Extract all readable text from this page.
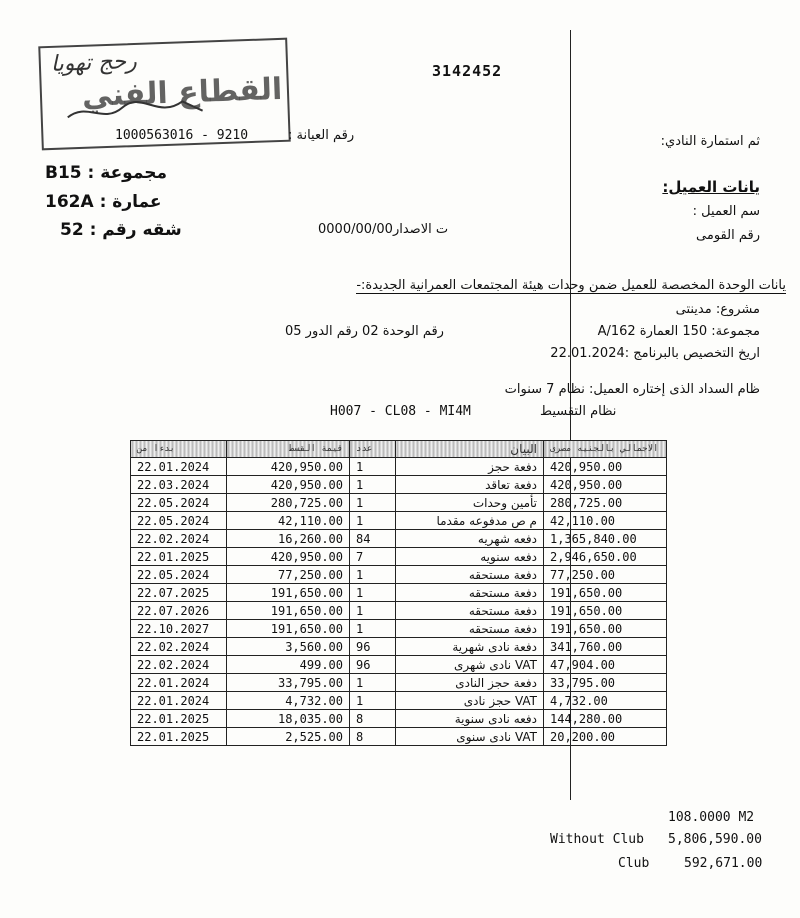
رحج تهويا
القطاع الفني
3142452
1000563016 - 9210	رقم العيانة :	ثم استمارة النادي:
يانات العميل:
سم العميل :
رقم القومى
مجموعة : B15
عمارة : 162A
شقه رقم : 52	ت الاصدار0000/00/00
يانات الوحدة المخصصة للعميل ضمن وحدات هيئة المجتمعات العمرانية الجديدة:-
مشروع: مدينتى
مجموعة: 150 العمارة A/162
رقم الوحدة 02 رقم الدور 05
اريخ التخصيص بالبرنامج :22.01.2024
ظام السداد الذى إختاره العميل: نظام 7 سنوات
نظام التقسيط
H007 - CL08 - MI4M
بدءا من	قيمة القسط	عدد	البيان	الاجمالي بالجنيه مصرى
22.01.2024	420,950.00	1	دفعة حجز	420,950.00
22.03.2024	420,950.00	1	دفعة تعاقد	420,950.00
22.05.2024	280,725.00	1	تأمين وحدات	280,725.00
22.05.2024	42,110.00	1	م ص مدفوعه مقدما	42,110.00
22.02.2024	16,260.00	84	دفعه شهريه	1,365,840.00
22.01.2025	420,950.00	7	دفعه سنويه	2,946,650.00
22.05.2024	77,250.00	1	دفعة مستحقه	77,250.00
22.07.2025	191,650.00	1	دفعة مستحقه	191,650.00
22.07.2026	191,650.00	1	دفعة مستحقه	191,650.00
22.10.2027	191,650.00	1	دفعة مستحقه	191,650.00
22.02.2024	3,560.00	96	دفعة نادى شهرية	341,760.00
22.02.2024	499.00	96	VAT نادى شهرى	47,904.00
22.01.2024	33,795.00	1	دفعة حجز النادى	33,795.00
22.01.2024	4,732.00	1	VAT حجز نادى	4,732.00
22.01.2025	18,035.00	8	دفعه نادى سنوية	144,280.00
22.01.2025	2,525.00	8	VAT نادى سنوى	20,200.00
108.0000 M2
Without Club 5,806,590.00
Club	592,671.00
